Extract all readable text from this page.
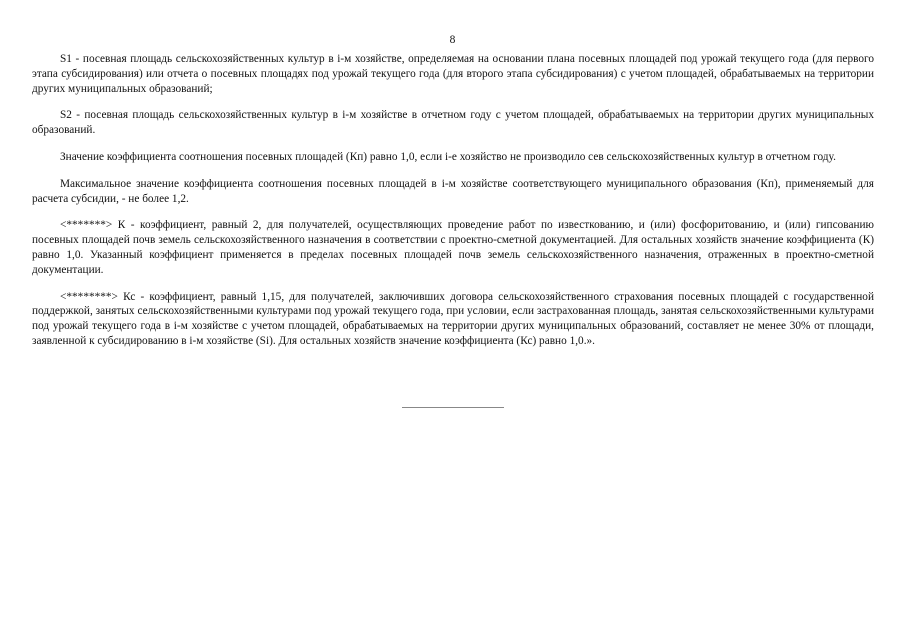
8

S1 - посевная площадь сельскохозяйственных культур в i-м хозяйстве, определяемая на основании плана посевных площадей под урожай текущего года (для первого этапа субсидирования) или отчета о посевных площадях под урожай текущего года (для второго этапа субсидирования) с учетом площадей, обрабатываемых на территории других муниципальных образований;

S2 - посевная площадь сельскохозяйственных культур в i-м хозяйстве в отчетном году с учетом площадей, обрабатываемых на территории других муниципальных образований.

Значение коэффициента соотношения посевных площадей (Кп) равно 1,0, если i-е хозяйство не производило сев сельскохозяйственных культур в отчетном году.

Максимальное значение коэффициента соотношения посевных площадей в i-м хозяйстве соответствующего муниципального образования (Кп), применяемый для расчета субсидии, - не более 1,2.

<*******> К - коэффициент, равный 2, для получателей, осуществляющих проведение работ по известкованию, и (или) фосфоритованию, и (или) гипсованию посевных площадей почв земель сельскохозяйственного назначения в соответствии с проектно-сметной документацией. Для остальных хозяйств значение коэффициента (К) равно 1,0. Указанный коэффициент применяется в пределах посевных площадей почв земель сельскохозяйственного назначения, отраженных в проектно-сметной документации.

<********> Кс - коэффициент, равный 1,15, для получателей, заключивших договора сельскохозяйственного страхования посевных площадей с государственной поддержкой, занятых сельскохозяйственными культурами под урожай текущего года, при условии, если застрахованная площадь, занятая сельскохозяйственными культурами под урожай текущего года в i-м хозяйстве с учетом площадей, обрабатываемых на территории других муниципальных образований, составляет не менее 30% от площади, заявленной к субсидированию в i-м хозяйстве (Si). Для остальных хозяйств значение коэффициента (Кс) равно 1,0.».
